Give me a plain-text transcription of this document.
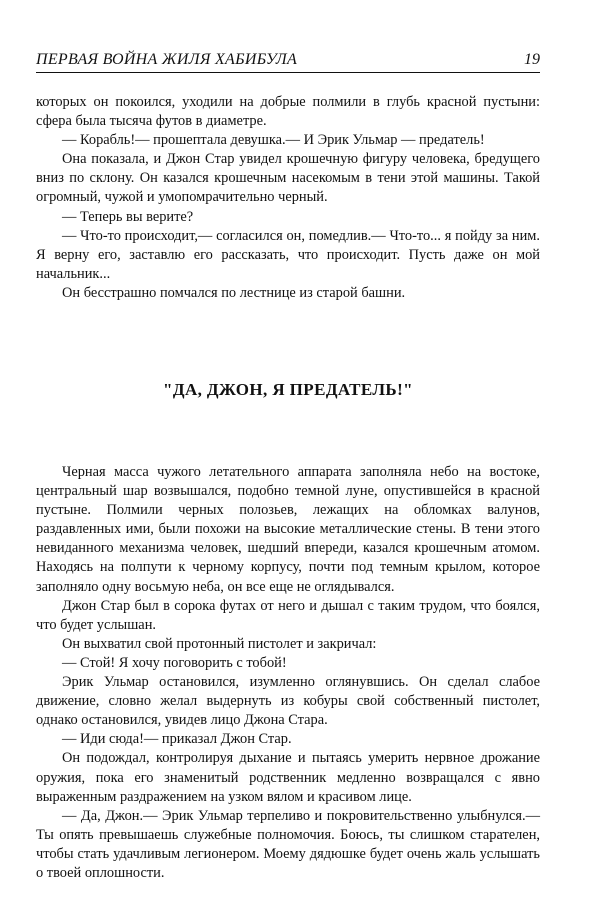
ПЕРВАЯ ВОЙНА ЖИЛЯ ХАБИБУЛА	19

которых он покоился, уходили на добрые полмили в глубь красной пустыни: сфера была тысяча футов в диаметре.

— Корабль!— прошептала девушка.— И Эрик Ульмар — предатель!

Она показала, и Джон Стар увидел крошечную фигуру человека, бредущего вниз по склону. Он казался крошечным насекомым в тени этой машины. Такой огромный, чужой и умопомрачительно черный.

— Теперь вы верите?

— Что-то происходит,— согласился он, помедлив.— Что-то... я пойду за ним. Я верну его, заставлю его рассказать, что происходит. Пусть даже он мой начальник...

Он бесстрашно помчался по лестнице из старой башни.

"ДА, ДЖОН, Я ПРЕДАТЕЛЬ!"

Черная масса чужого летательного аппарата заполняла небо на востоке, центральный шар возвышался, подобно темной луне, опустившейся в красной пустыне. Полмили черных полозьев, лежащих на обломках валунов, раздавленных ими, были похожи на высокие металлические стены. В тени этого невиданного механизма человек, шедший впереди, казался крошечным атомом. Находясь на полпути к черному корпусу, почти под темным крылом, которое заполняло одну восьмую неба, он все еще не оглядывался.

Джон Стар был в сорока футах от него и дышал с таким трудом, что боялся, что будет услышан.

Он выхватил свой протонный пистолет и закричал:

— Стой! Я хочу поговорить с тобой!

Эрик Ульмар остановился, изумленно оглянувшись. Он сделал слабое движение, словно желал выдернуть из кобуры свой собственный пистолет, однако остановился, увидев лицо Джона Стара.

— Иди сюда!— приказал Джон Стар.

Он подождал, контролируя дыхание и пытаясь умерить нервное дрожание оружия, пока его знаменитый родственник медленно возвращался с явно выраженным раздражением на узком вялом и красивом лице.

— Да, Джон.— Эрик Ульмар терпеливо и покровительственно улыбнулся.— Ты опять превышаешь служебные полномочия. Боюсь, ты слишком старателен, чтобы стать удачливым легионером. Моему дядюшке будет очень жаль услышать о твоей оплошности.
